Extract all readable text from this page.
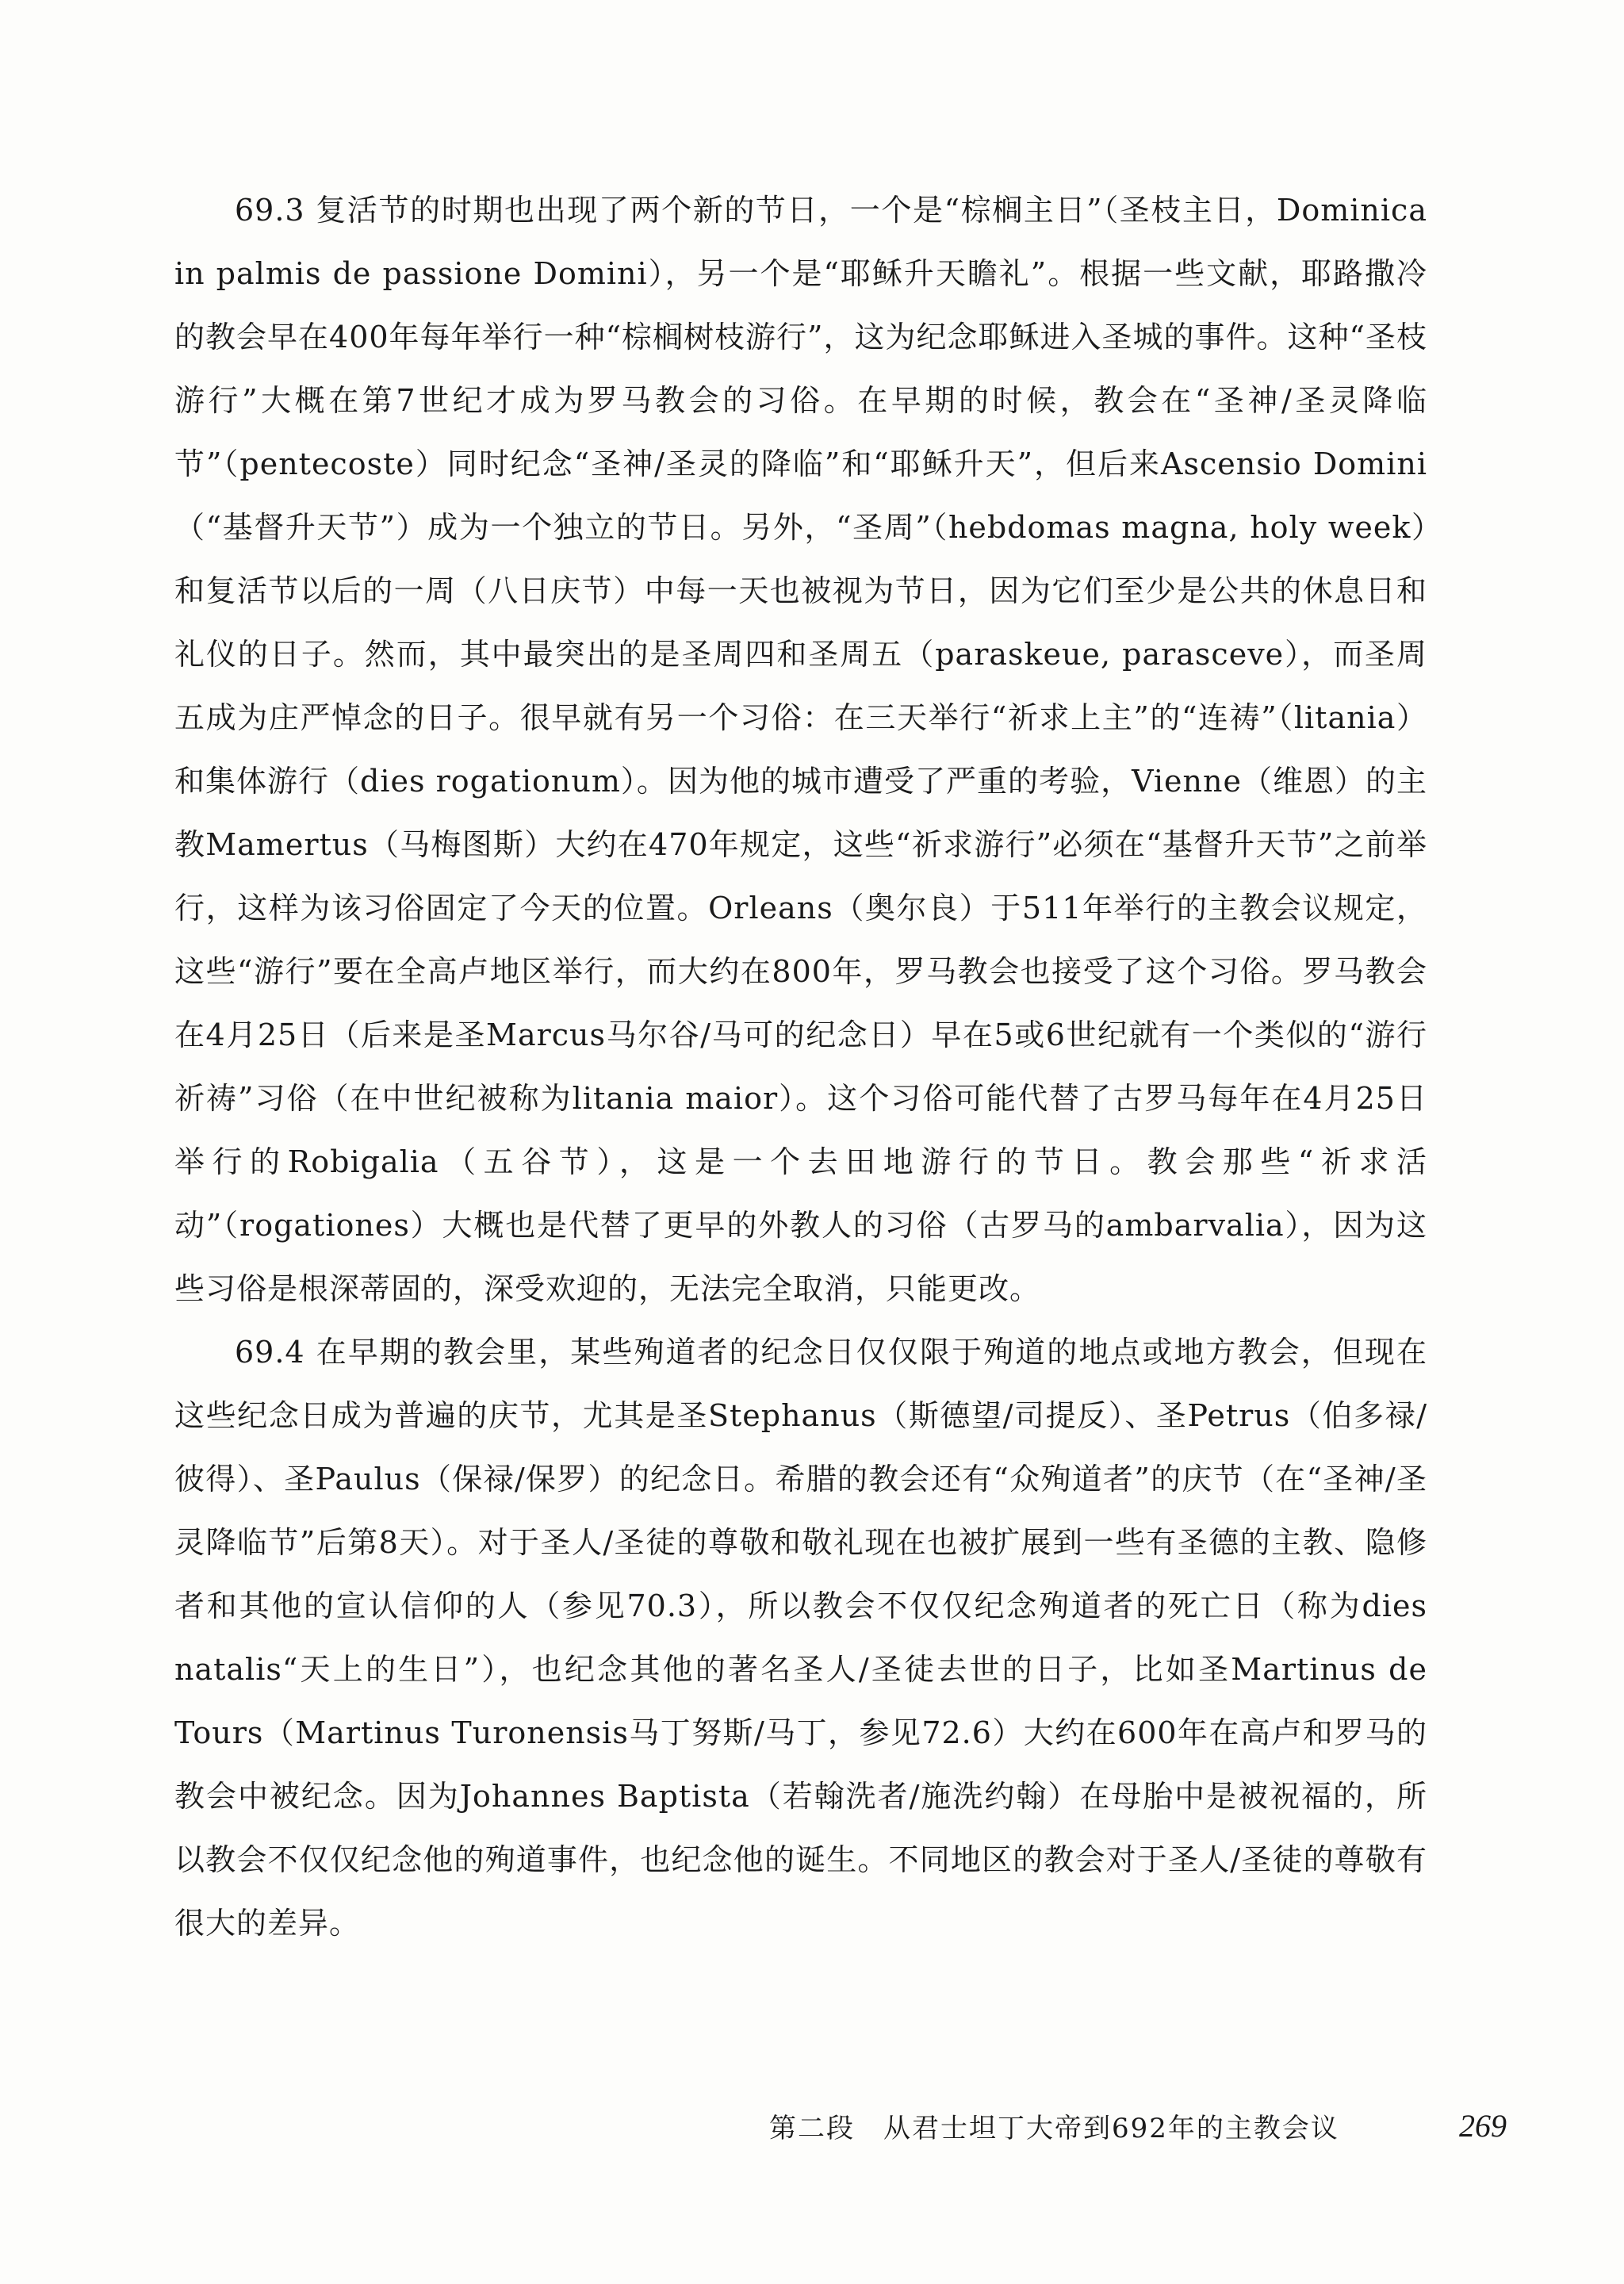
69.3 复活节的时期也出现了两个新的节日，一个是“棕榈主日”（圣枝主日，Dominica in palmis de passione Domini），另一个是“耶稣升天瞻礼”。根据一些文献，耶路撒冷的教会早在400年每年举行一种“棕榈树枝游行”，这为纪念耶稣进入圣城的事件。这种“圣枝游行”大概在第7世纪才成为罗马教会的习俗。在早期的时候，教会在“圣神/圣灵降临节”（pentecoste）同时纪念“圣神/圣灵的降临”和“耶稣升天”，但后来Ascensio Domini（“基督升天节”）成为一个独立的节日。另外，“圣周”（hebdomas magna, holy week）和复活节以后的一周（八日庆节）中每一天也被视为节日，因为它们至少是公共的休息日和礼仪的日子。然而，其中最突出的是圣周四和圣周五（paraskeue, parasceve），而圣周五成为庄严悼念的日子。很早就有另一个习俗：在三天举行“祈求上主”的“连祷”（litania）和集体游行（dies rogationum）。因为他的城市遭受了严重的考验，Vienne（维恩）的主教Mamertus（马梅图斯）大约在470年规定，这些“祈求游行”必须在“基督升天节”之前举行，这样为该习俗固定了今天的位置。Orleans（奥尔良）于511年举行的主教会议规定，这些“游行”要在全高卢地区举行，而大约在800年，罗马教会也接受了这个习俗。罗马教会在4月25日（后来是圣Marcus马尔谷/马可的纪念日）早在5或6世纪就有一个类似的“游行祈祷”习俗（在中世纪被称为litania maior）。这个习俗可能代替了古罗马每年在4月25日举行的Robigalia（五谷节），这是一个去田地游行的节日。教会那些“祈求活动”（rogationes）大概也是代替了更早的外教人的习俗（古罗马的ambarvalia），因为这些习俗是根深蒂固的，深受欢迎的，无法完全取消，只能更改。

69.4 在早期的教会里，某些殉道者的纪念日仅仅限于殉道的地点或地方教会，但现在这些纪念日成为普遍的庆节，尤其是圣Stephanus（斯德望/司提反）、圣Petrus（伯多禄/彼得）、圣Paulus（保禄/保罗）的纪念日。希腊的教会还有“众殉道者”的庆节（在“圣神/圣灵降临节”后第8天）。对于圣人/圣徒的尊敬和敬礼现在也被扩展到一些有圣德的主教、隐修者和其他的宣认信仰的人（参见70.3），所以教会不仅仅纪念殉道者的死亡日（称为dies natalis“天上的生日”），也纪念其他的著名圣人/圣徒去世的日子，比如圣Martinus de Tours（Martinus Turonensis马丁努斯/马丁，参见72.6）大约在600年在高卢和罗马的教会中被纪念。因为Johannes Baptista（若翰洗者/施洗约翰）在母胎中是被祝福的，所以教会不仅仅纪念他的殉道事件，也纪念他的诞生。不同地区的教会对于圣人/圣徒的尊敬有很大的差异。

第二段　从君士坦丁大帝到692年的主教会议	269
